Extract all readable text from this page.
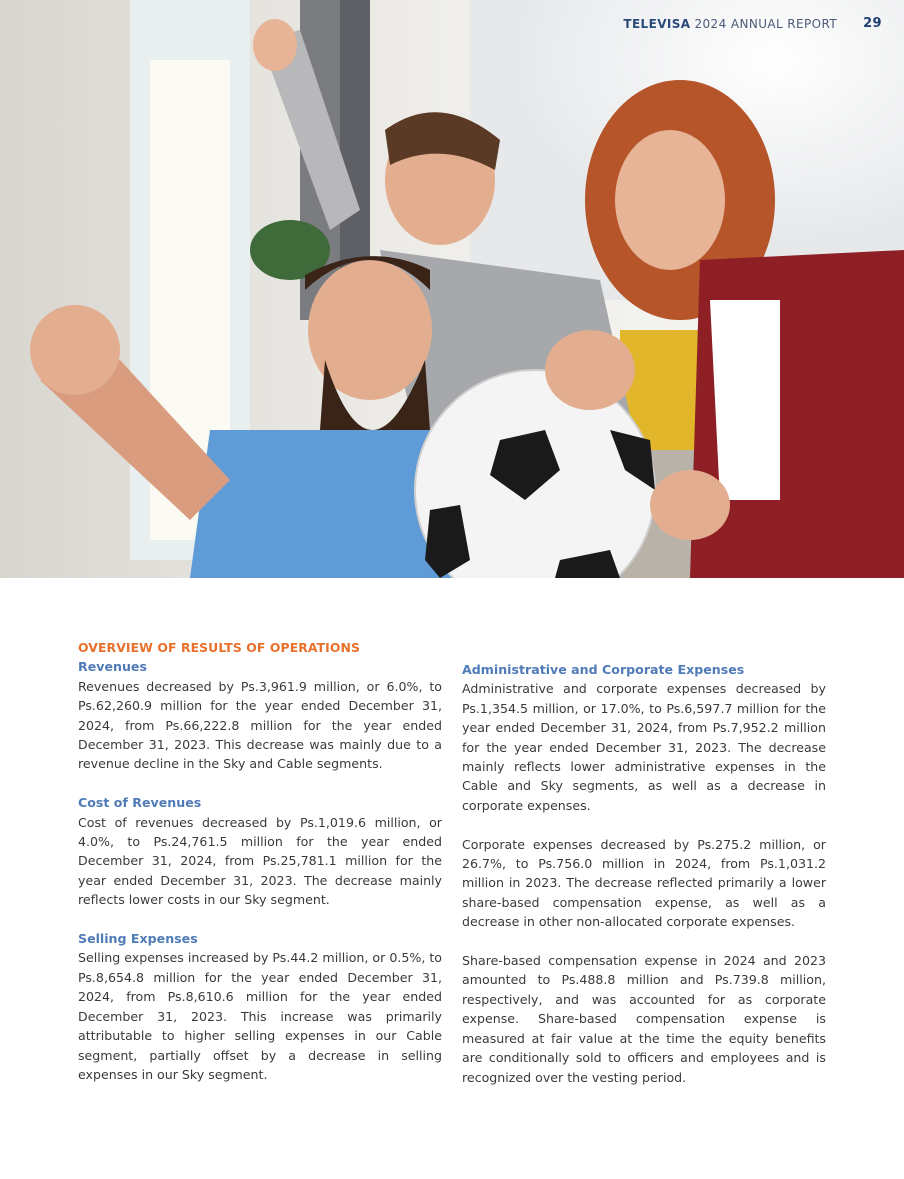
TELEVISA 2024 ANNUAL REPORT 29
OVERVIEW OF RESULTS OF OPERATIONS
Revenues

Revenues decreased by Ps.3,961.9 million, or 6.0%, to Ps.62,260.9 million for the year ended December 31, 2024, from Ps.66,222.8 million for the year ended December 31, 2023. This decrease was mainly due to a revenue decline in the Sky and Cable segments.

Cost of Revenues

Cost of revenues decreased by Ps.1,019.6 million, or 4.0%, to Ps.24,761.5 million for the year ended December 31, 2024, from Ps.25,781.1 million for the year ended December 31, 2023. The decrease mainly reflects lower costs in our Sky segment.

Selling Expenses

Selling expenses increased by Ps.44.2 million, or 0.5%, to Ps.8,654.8 million for the year ended December 31, 2024, from Ps.8,610.6 million for the year ended December 31, 2023. This increase was primarily attributable to higher selling expenses in our Cable segment, partially offset by a decrease in selling expenses in our Sky segment.

Administrative and Corporate Expenses

Administrative and corporate expenses decreased by Ps.1,354.5 million, or 17.0%, to Ps.6,597.7 million for the year ended December 31, 2024, from Ps.7,952.2 million for the year ended December 31, 2023. The decrease mainly reflects lower administrative expenses in the Cable and Sky segments, as well as a decrease in corporate expenses.

Corporate expenses decreased by Ps.275.2 million, or 26.7%, to Ps.756.0 million in 2024, from Ps.1,031.2 million in 2023. The decrease reflected primarily a lower share-based compensation expense, as well as a decrease in other non-allocated corporate expenses.

Share-based compensation expense in 2024 and 2023 amounted to Ps.488.8 million and Ps.739.8 million, respectively, and was accounted for as corporate expense. Share-based compensation expense is measured at fair value at the time the equity benefits are conditionally sold to officers and employees and is recognized over the vesting period.
